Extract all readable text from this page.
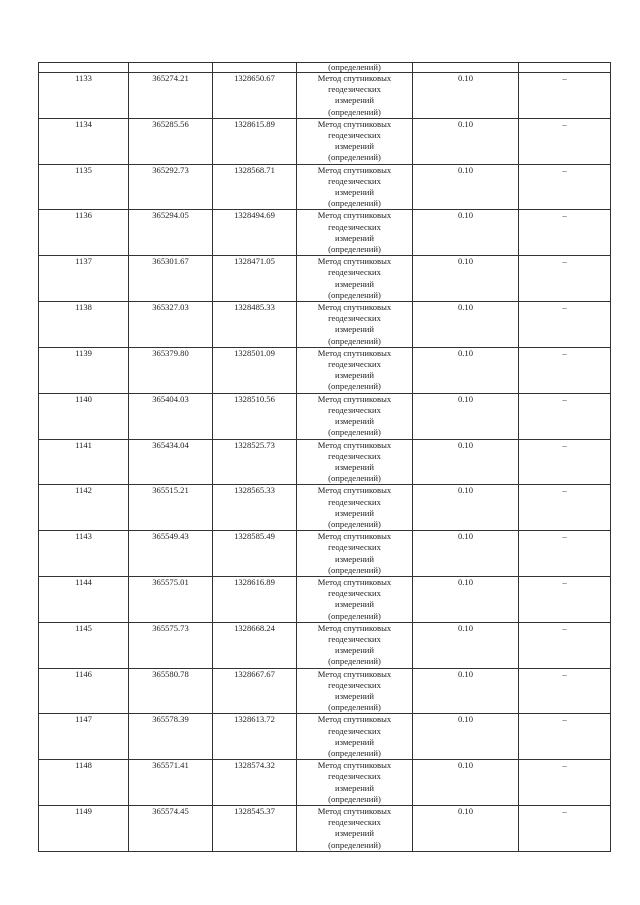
			(определений)		
1133	365274.21	1328650.67	Метод спутниковых
геодезических
измерений
(определений)	0.10	–
1134	365285.56	1328615.89	Метод спутниковых
геодезических
измерений
(определений)	0.10	–
1135	365292.73	1328568.71	Метод спутниковых
геодезических
измерений
(определений)	0.10	–
1136	365294.05	1328494.69	Метод спутниковых
геодезических
измерений
(определений)	0.10	–
1137	365301.67	1328471.05	Метод спутниковых
геодезических
измерений
(определений)	0.10	–
1138	365327.03	1328485.33	Метод спутниковых
геодезических
измерений
(определений)	0.10	–
1139	365379.80	1328501.09	Метод спутниковых
геодезических
измерений
(определений)	0.10	–
1140	365404.03	1328510.56	Метод спутниковых
геодезических
измерений
(определений)	0.10	–
1141	365434.04	1328525.73	Метод спутниковых
геодезических
измерений
(определений)	0.10	–
1142	365515.21	1328565.33	Метод спутниковых
геодезических
измерений
(определений)	0.10	–
1143	365549.43	1328585.49	Метод спутниковых
геодезических
измерений
(определений)	0.10	–
1144	365575.01	1328616.89	Метод спутниковых
геодезических
измерений
(определений)	0.10	–
1145	365575.73	1328668.24	Метод спутниковых
геодезических
измерений
(определений)	0.10	–
1146	365580.78	1328667.67	Метод спутниковых
геодезических
измерений
(определений)	0.10	–
1147	365578.39	1328613.72	Метод спутниковых
геодезических
измерений
(определений)	0.10	–
1148	365571.41	1328574.32	Метод спутниковых
геодезических
измерений
(определений)	0.10	–
1149	365574.45	1328545.37	Метод спутниковых
геодезических
измерений
(определений)	0.10	–
